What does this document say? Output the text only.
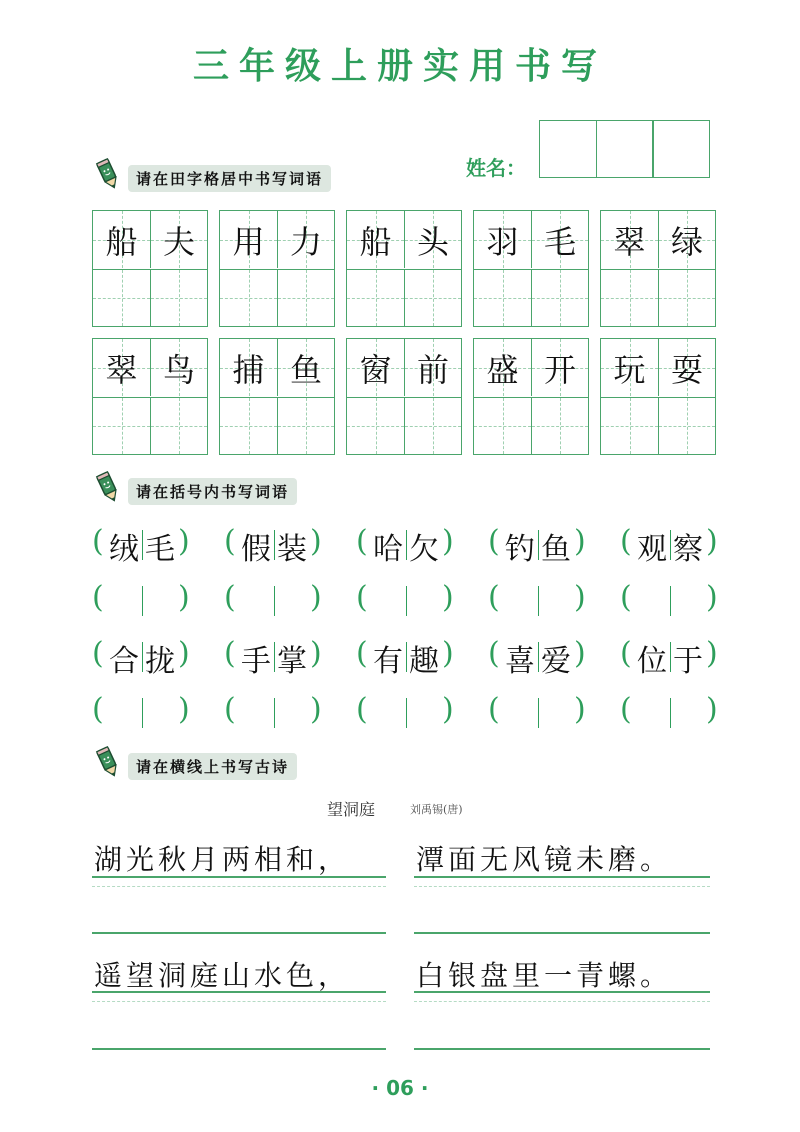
三年级上册实用书写
姓名：
请在田字格居中书写词语
船 夫	用 力	船 头	羽 毛	翠 绿
翠 鸟	捕 鱼	窗 前	盛 开	玩 耍
请在括号内书写词语
( 绒 毛 ) ( 假 装 ) ( 哈 欠 ) ( 钓 鱼 ) ( 观 察 )
( ) ( ) ( ) ( ) ( )
( 合 拢 ) ( 手 掌 ) ( 有 趣 ) ( 喜 爱 ) ( 位 于 )
( ) ( ) ( ) ( ) ( )
请在横线上书写古诗
望洞庭	刘禹锡(唐)
湖光秋月两相和， 潭面无风镜未磨。
遥望洞庭山水色， 白银盘里一青螺。
· 06 ·
